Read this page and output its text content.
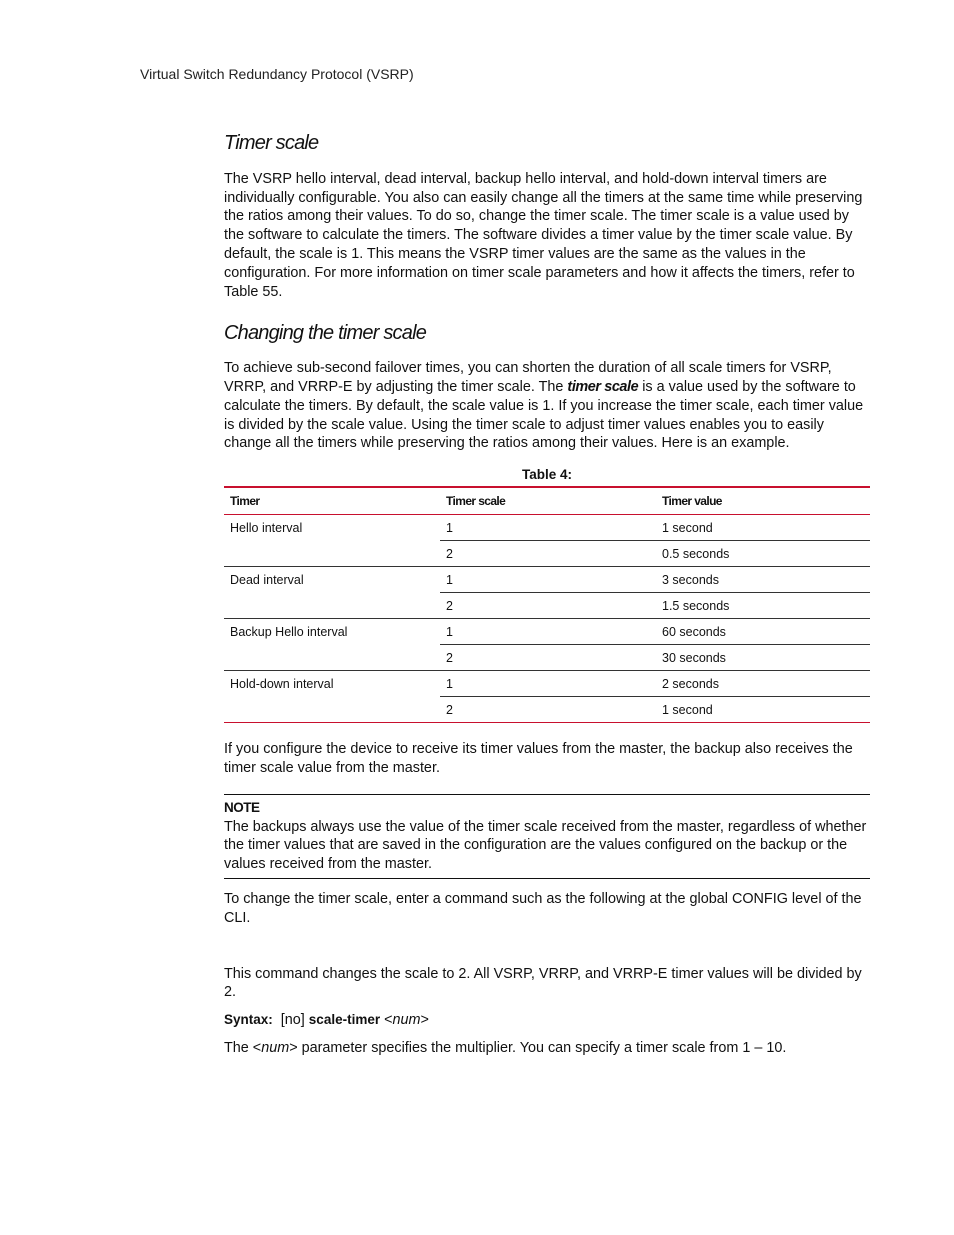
Virtual Switch Redundancy Protocol (VSRP)
Timer scale

The VSRP hello interval, dead interval, backup hello interval, and hold-down interval timers are individually configurable. You also can easily change all the timers at the same time while preserving the ratios among their values. To do so, change the timer scale. The timer scale is a value used by the software to calculate the timers. The software divides a timer value by the timer scale value. By default, the scale is 1. This means the VSRP timer values are the same as the values in the configuration. For more information on timer scale parameters and how it affects the timers, refer to Table 55.

Changing the timer scale

To achieve sub-second failover times, you can shorten the duration of all scale timers for VSRP, VRRP, and VRRP-E by adjusting the timer scale. The timer scale is a value used by the software to calculate the timers. By default, the scale value is 1. If you increase the timer scale, each timer value is divided by the scale value. Using the timer scale to adjust timer values enables you to easily change all the timers while preserving the ratios among their values. Here is an example.

Table 4:
Timer	Timer scale	Timer value
Hello interval	1	1 second
	2	0.5 seconds
Dead interval	1	3 seconds
	2	1.5 seconds
Backup Hello interval	1	60 seconds
	2	30 seconds
Hold-down interval	1	2 seconds
	2	1 second

If you configure the device to receive its timer values from the master, the backup also receives the timer scale value from the master.

NOTE

The backups always use the value of the timer scale received from the master, regardless of whether the timer values that are saved in the configuration are the values configured on the backup or the values received from the master.

To change the timer scale, enter a command such as the following at the global CONFIG level of the CLI.

This command changes the scale to 2. All VSRP, VRRP, and VRRP-E timer values will be divided by 2.

Syntax: [no] scale-timer <num>

The <num> parameter specifies the multiplier. You can specify a timer scale from 1 – 10.
